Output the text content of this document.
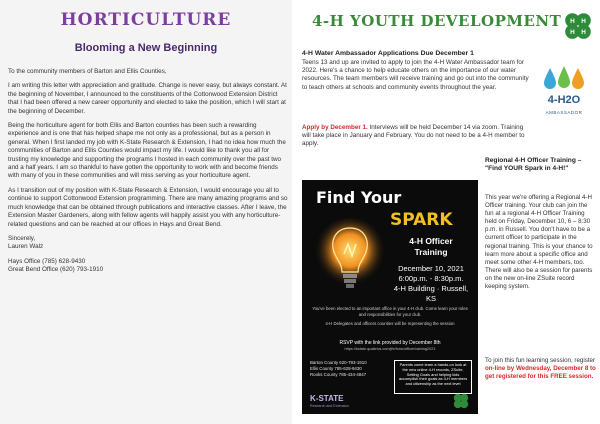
HORTICULTURE
Blooming a New Beginning

To the community members of Barton and Ellis Counties,

I am writing this letter with appreciation and gratitude. Change is never easy, but always constant. At the beginning of November, I announced to the constituents of the Cottonwood Extension District that I had been offered a new career opportunity and elected to take the position, which I will start at the beginning of December.

Being the horticulture agent for both Ellis and Barton counties has been such a rewarding experience and is one that has helped shape me not only as a professional, but as a person in general. When I first landed my job with K-State Research & Extension, I had no idea how much the communities of Barton and Ellis Counties would impact my life. I would like to thank you all for trusting my knowledge and supporting the programs I hosted in each community over the past two and a half years. I am so thankful to have gotten the opportunity to work with and become friends with many of you in these communities and will miss serving as your horticulture agent.

As I transition out of my position with K-State Research & Extension, I would encourage you all to continue to support Cottonwood Extension programming. There are many amazing programs and so much knowledge that can be obtained through publications and interactive classes. After I leave, the Extension Master Gardeners, along with fellow agents will happily assist you with any horticulture-related questions and can be reached at our offices in Hays and Great Bend.

Sincerely,

Lauren Walz

Hays Office (785) 628-9430

Great Bend Office (620) 793-1910

4-H YOUTH DEVELOPMENT H H
H H
4-H Water Ambassador Applications Due December 1
Teens 13 and up are invited to apply to join the 4-H Water Ambassador team for 2022. Here's a chance to help educate others on the importance of our water resources. The team members will receive training and go out into the community to teach others at schools and community events throughout the year.
Apply by December 1. Interviews will be held December 14 via zoom. Training will take place in January and February. You do not need to be a 4-H member to apply.
4-H2O
AMBASSADOR
Regional 4-H Officer Training – "Find YOUR Spark in 4-H!"
This year we're offering a Regional 4-H Officer training. Your club can join the fun at a regional 4-H Officer Training held on Friday, December 10, 6 – 8:30 p.m. in Russell. You don't have to be a current officer to participate in the regional training. This is your chance to learn more about a specific office and meet some other 4-H members, too. There will also be a session for parents on the new on-line ZSuite record keeping system.
To join this fun learning session, register on-line by Wednesday, December 8 to get registered for this FREE session.
Find Your
SPARK
4-H Officer
Training
December 10, 2021
6:00p.m. - 8:30p.m.
4-H Building · Russell, KS
You've been elected to an important office in your 4-H club. Come learn your roles and responsibilities for your club.
4-H Delegates and officers counties will be representing the session
RSVP with the link provided by December 8th
https://kstate.qualtrics.com/jfe/form/officertraining2021
Barton County 620-793-1910
Ellis County 785-628-9430
Rooks County 785-434-4847
Parents come learn a hands-on look at the new online 4-H records, ZSuite, Setting Goals and helping kids accomplish their goals as 4-H members and citizenship as the next level
K-STATE
Research and Extension
